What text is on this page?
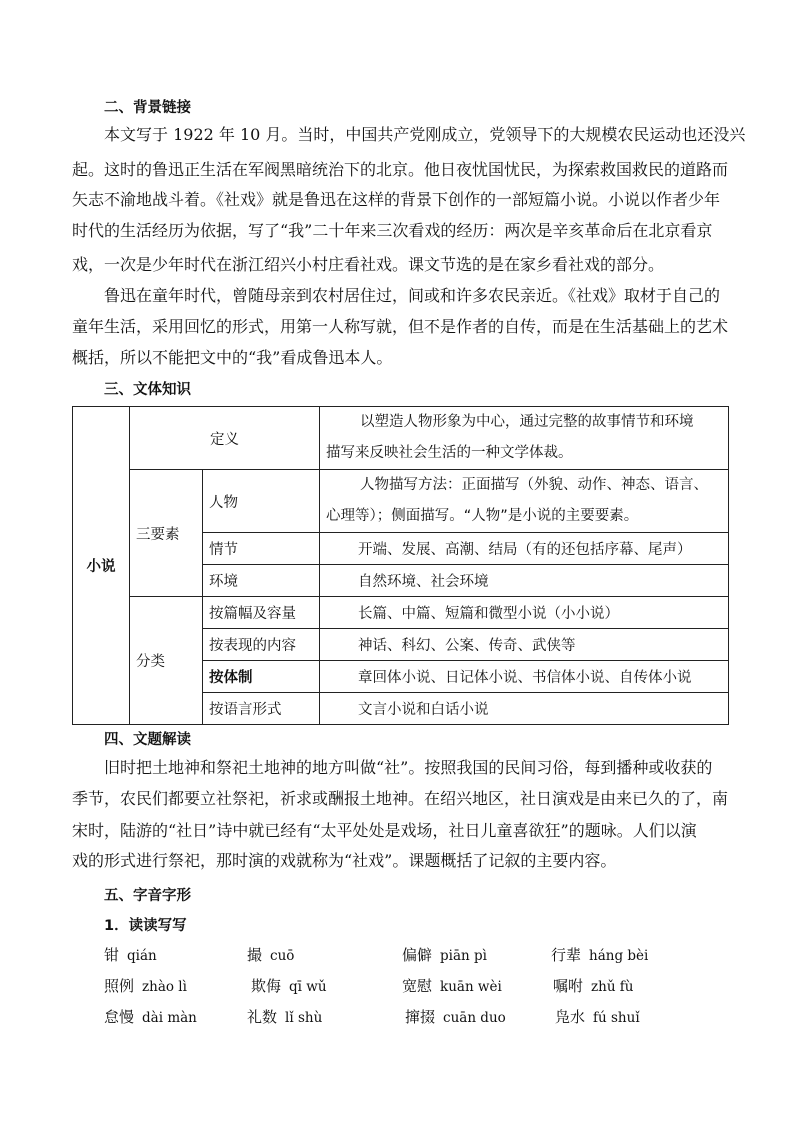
二、背景链接
本文写于 1922 年 10 月。当时，中国共产党刚成立，党领导下的大规模农民运动也还没兴
起。这时的鲁迅正生活在军阀黑暗统治下的北京。他日夜忧国忧民，为探索救国救民的道路而
矢志不渝地战斗着。《社戏》就是鲁迅在这样的背景下创作的一部短篇小说。小说以作者少年
时代的生活经历为依据，写了“我”二十年来三次看戏的经历：两次是辛亥革命后在北京看京
戏，一次是少年时代在浙江绍兴小村庄看社戏。课文节选的是在家乡看社戏的部分。
鲁迅在童年时代，曾随母亲到农村居住过，间或和许多农民亲近。《社戏》取材于自己的
童年生活，采用回忆的形式，用第一人称写就，但不是作者的自传，而是在生活基础上的艺术
概括，所以不能把文中的“我”看成鲁迅本人。
三、文体知识
小说	定义		以塑造人物形象为中心，通过完整的故事情节和环境
描写来反映社会生活的一种文学体裁。

	三要素	人物	人物描写方法：正面描写（外貌、动作、神态、语言、
心理等）；侧面描写。“人物”是小说的主要要素。

		情节	开端、发展、高潮、结局（有的还包括序幕、尾声）
		环境	自然环境、社会环境
	分类	按篇幅及容量	长篇、中篇、短篇和微型小说（小小说）
		按表现的内容	神话、科幻、公案、传奇、武侠等
		按体制	章回体小说、日记体小说、书信体小说、自传体小说
		按语言形式	文言小说和白话小说
四、文题解读
旧时把土地神和祭祀土地神的地方叫做“社”。按照我国的民间习俗，每到播种或收获的
季节，农民们都要立社祭祀，祈求或酬报土地神。在绍兴地区，社日演戏是由来已久的了，南
宋时，陆游的“社日”诗中就已经有“太平处处是戏场，社日儿童喜欲狂”的题咏。人们以演
戏的形式进行祭祀，那时演的戏就称为“社戏”。课题概括了记叙的主要内容。
五、字音字形
1．读读写写
钳 qián	撮 cuō	偏僻 piān pì	行辈 háng bèi
照例 zhào lì	欺侮 qī wǔ	宽慰 kuān wèi	嘱咐 zhǔ fù
怠慢 dài màn	礼数 lǐ shù	撺掇 cuān duo	凫水 fú shuǐ
